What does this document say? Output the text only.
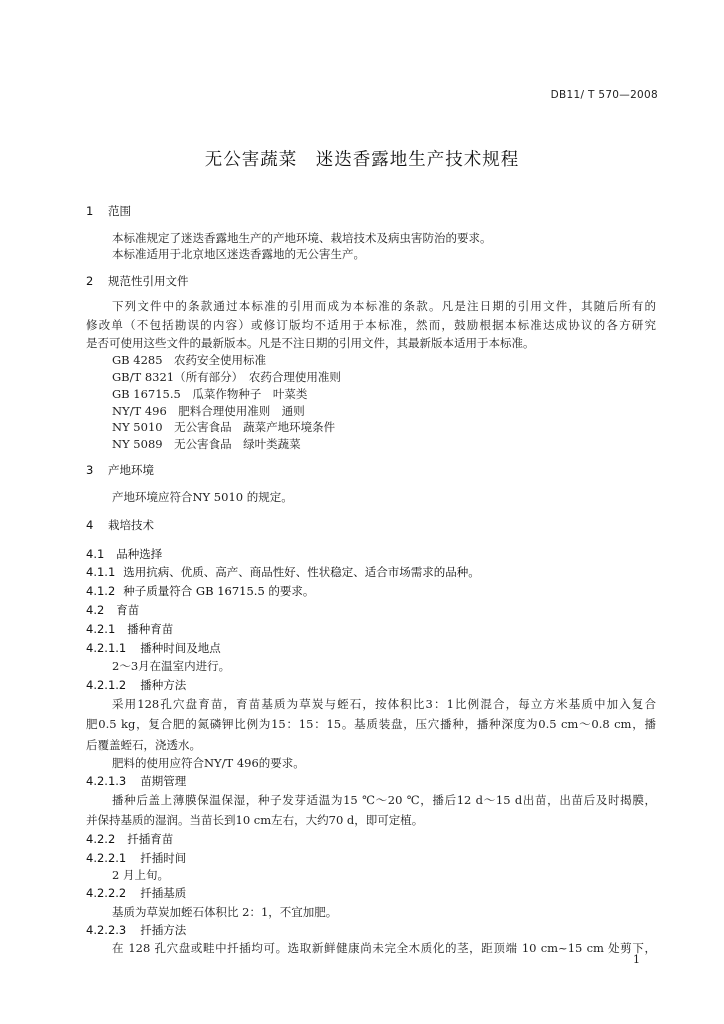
DB11/ T 570—2008
无公害蔬菜　迷迭香露地生产技术规程
1 范围
本标准规定了迷迭香露地生产的产地环境、栽培技术及病虫害防治的要求。
本标准适用于北京地区迷迭香露地的无公害生产。
2 规范性引用文件
下列文件中的条款通过本标准的引用而成为本标准的条款。凡是注日期的引用文件，其随后所有的
修改单（不包括勘误的内容）或修订版均不适用于本标准，然而，鼓励根据本标准达成协议的各方研究
是否可使用这些文件的最新版本。凡是不注日期的引用文件，其最新版本适用于本标准。
GB 4285　农药安全使用标准
GB/T 8321（所有部分）　农药合理使用准则
GB 16715.5　瓜菜作物种子　叶菜类
NY/T 496　肥料合理使用准则　通则
NY 5010　无公害食品　蔬菜产地环境条件
NY 5089　无公害食品　绿叶类蔬菜
3 产地环境
产地环境应符合NY 5010 的规定。
4 栽培技术
4.1 品种选择
4.1.1 选用抗病、优质、高产、商品性好、性状稳定、适合市场需求的品种。
4.1.2 种子质量符合 GB 16715.5 的要求。
4.2 育苗
4.2.1 播种育苗
4.2.1.1 播种时间及地点
2～3月在温室内进行。
4.2.1.2 播种方法
采用128孔穴盘育苗，育苗基质为草炭与蛭石，按体积比3：1比例混合，每立方米基质中加入复合
肥0.5 kg，复合肥的氮磷钾比例为15：15：15。基质装盘，压穴播种，播种深度为0.5 cm～0.8 cm，播
后覆盖蛭石，浇透水。
肥料的使用应符合NY/T 496的要求。
4.2.1.3 苗期管理
播种后盖上薄膜保温保湿，种子发芽适温为15 ℃～20 ℃，播后12 d～15 d出苗，出苗后及时揭膜，
并保持基质的湿润。当苗长到10 cm左右，大约70 d，即可定植。
4.2.2 扦插育苗
4.2.2.1 扦插时间
2 月上旬。
4.2.2.2 扦插基质
基质为草炭加蛭石体积比 2：1，不宜加肥。
4.2.2.3 扦插方法
在 128 孔穴盘或畦中扦插均可。选取新鲜健康尚未完全木质化的茎，距顶端 10 cm~15 cm 处剪下，
1
